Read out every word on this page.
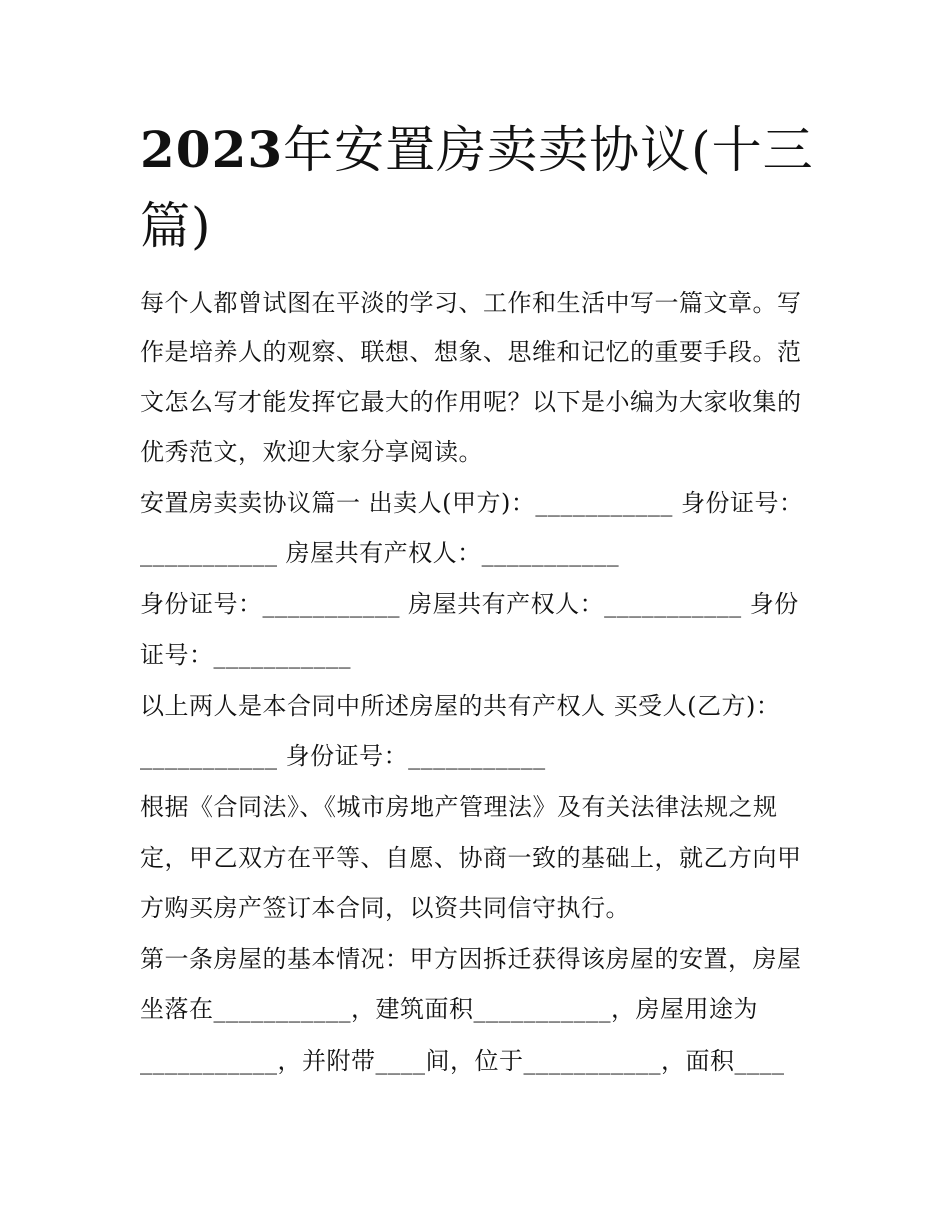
2023年安置房卖卖协议(十三篇)
每个人都曾试图在平淡的学习、工作和生活中写一篇文章。写
作是培养人的观察、联想、想象、思维和记忆的重要手段。范
文怎么写才能发挥它最大的作用呢？以下是小编为大家收集的
优秀范文，欢迎大家分享阅读。
安置房卖卖协议篇一 出卖人(甲方)：___________ 身份证号：
___________ 房屋共有产权人：___________
身份证号：___________ 房屋共有产权人：___________ 身份
证号：___________
以上两人是本合同中所述房屋的共有产权人 买受人(乙方)：
___________ 身份证号：___________
根据《合同法》、《城市房地产管理法》及有关法律法规之规
定，甲乙双方在平等、自愿、协商一致的基础上，就乙方向甲
方购买房产签订本合同，以资共同信守执行。
第一条房屋的基本情况：甲方因拆迁获得该房屋的安置，房屋
坐落在___________，建筑面积___________，房屋用途为
___________，并附带____间，位于___________，面积____
